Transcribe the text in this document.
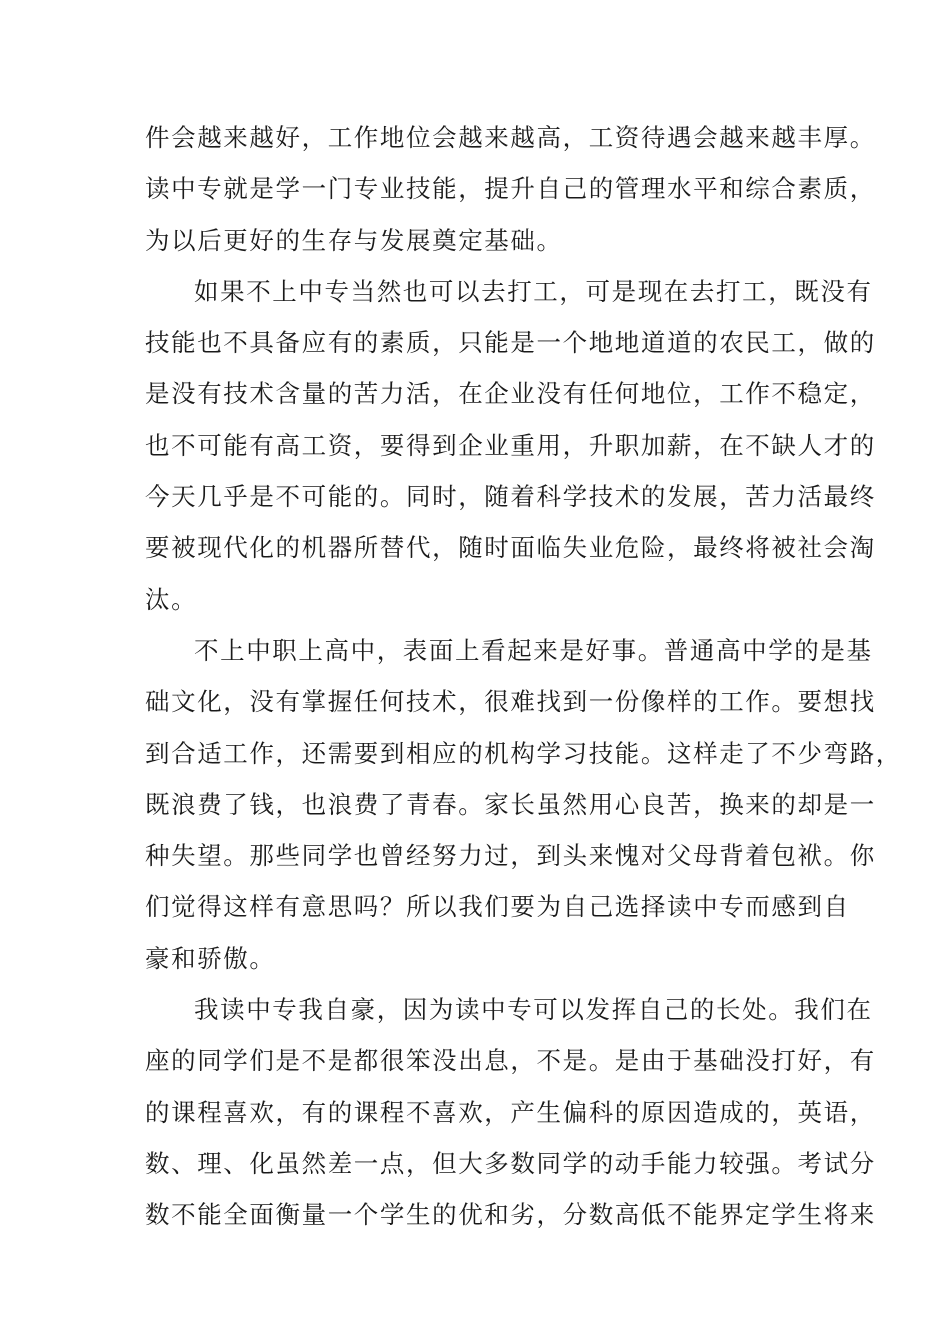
件会越来越好，工作地位会越来越高，工资待遇会越来越丰厚。
读中专就是学一门专业技能，提升自己的管理水平和综合素质，
为以后更好的生存与发展奠定基础。
如果不上中专当然也可以去打工，可是现在去打工，既没有
技能也不具备应有的素质，只能是一个地地道道的农民工，做的
是没有技术含量的苦力活，在企业没有任何地位，工作不稳定，
也不可能有高工资，要得到企业重用，升职加薪，在不缺人才的
今天几乎是不可能的。同时，随着科学技术的发展，苦力活最终
要被现代化的机器所替代，随时面临失业危险，最终将被社会淘
汰。
不上中职上高中，表面上看起来是好事。普通高中学的是基
础文化，没有掌握任何技术，很难找到一份像样的工作。要想找
到合适工作，还需要到相应的机构学习技能。这样走了不少弯路，
既浪费了钱，也浪费了青春。家长虽然用心良苦，换来的却是一
种失望。那些同学也曾经努力过，到头来愧对父母背着包袱。你
们觉得这样有意思吗？所以我们要为自己选择读中专而感到自
豪和骄傲。
我读中专我自豪，因为读中专可以发挥自己的长处。我们在
座的同学们是不是都很笨没出息，不是。是由于基础没打好，有
的课程喜欢，有的课程不喜欢，产生偏科的原因造成的，英语，
数、理、化虽然差一点，但大多数同学的动手能力较强。考试分
数不能全面衡量一个学生的优和劣，分数高低不能界定学生将来
